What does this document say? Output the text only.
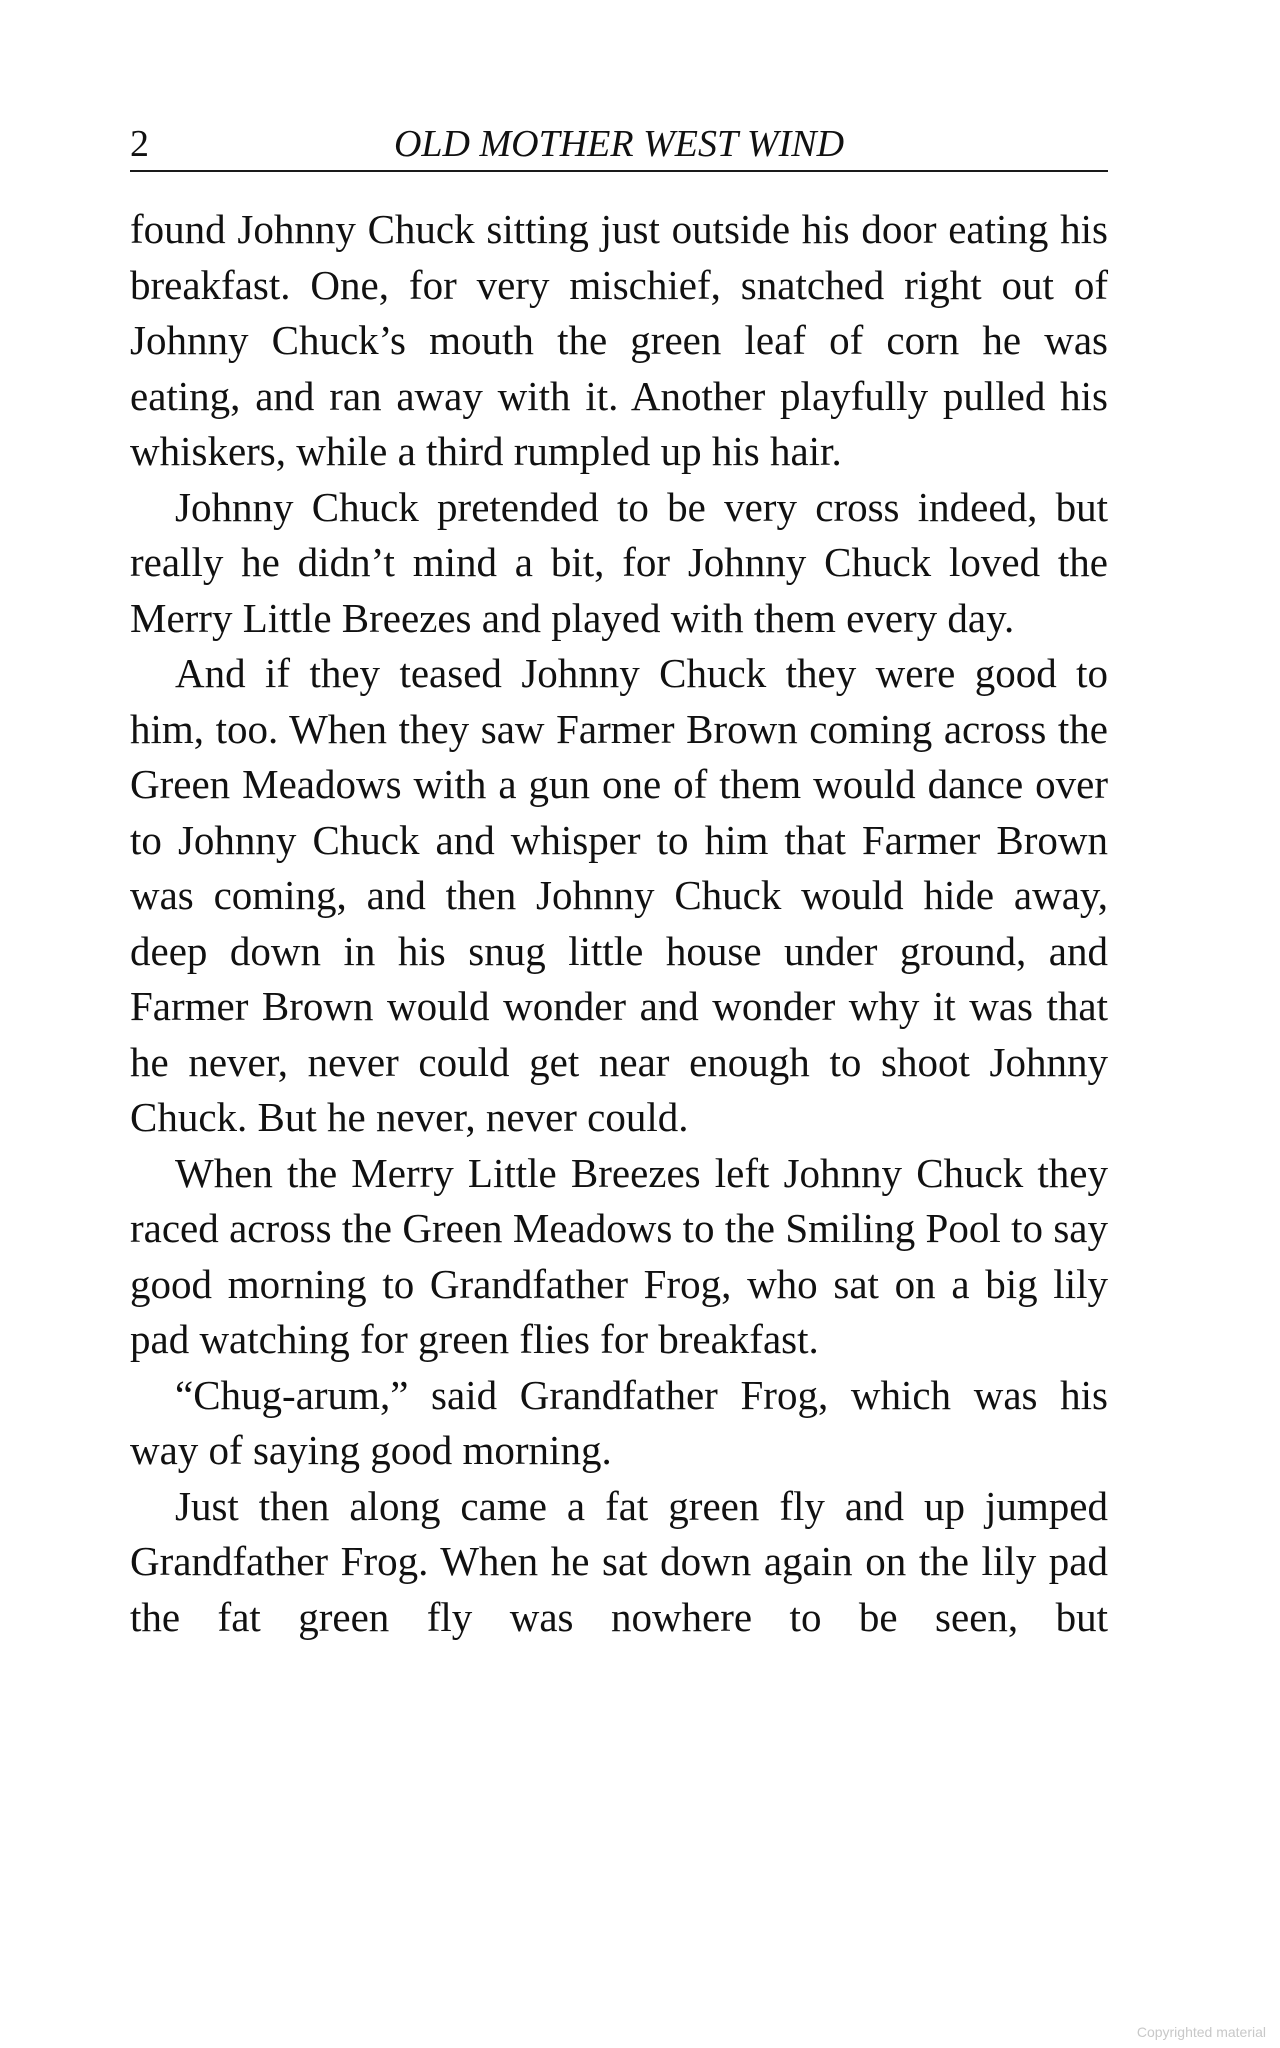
2	OLD MOTHER WEST WIND

found Johnny Chuck sitting just outside his door eating his breakfast. One, for very mischief, snatched right out of Johnny Chuck’s mouth the green leaf of corn he was eating, and ran away with it. Another playfully pulled his whiskers, while a third rumpled up his hair.

Johnny Chuck pretended to be very cross indeed, but really he didn’t mind a bit, for Johnny Chuck loved the Merry Little Breezes and played with them every day.

And if they teased Johnny Chuck they were good to him, too. When they saw Farmer Brown coming across the Green Meadows with a gun one of them would dance over to Johnny Chuck and whisper to him that Farmer Brown was coming, and then Johnny Chuck would hide away, deep down in his snug little house under ground, and Farmer Brown would wonder and wonder why it was that he never, never could get near enough to shoot Johnny Chuck. But he never, never could.

When the Merry Little Breezes left Johnny Chuck they raced across the Green Meadows to the Smiling Pool to say good morning to Grandfather Frog, who sat on a big lily pad watching for green flies for breakfast.

“Chug-arum,” said Grandfather Frog, which was his way of saying good morning.

Just then along came a fat green fly and up jumped Grandfather Frog. When he sat down again on the lily pad the fat green fly was nowhere to be seen, but

Copyrighted material
